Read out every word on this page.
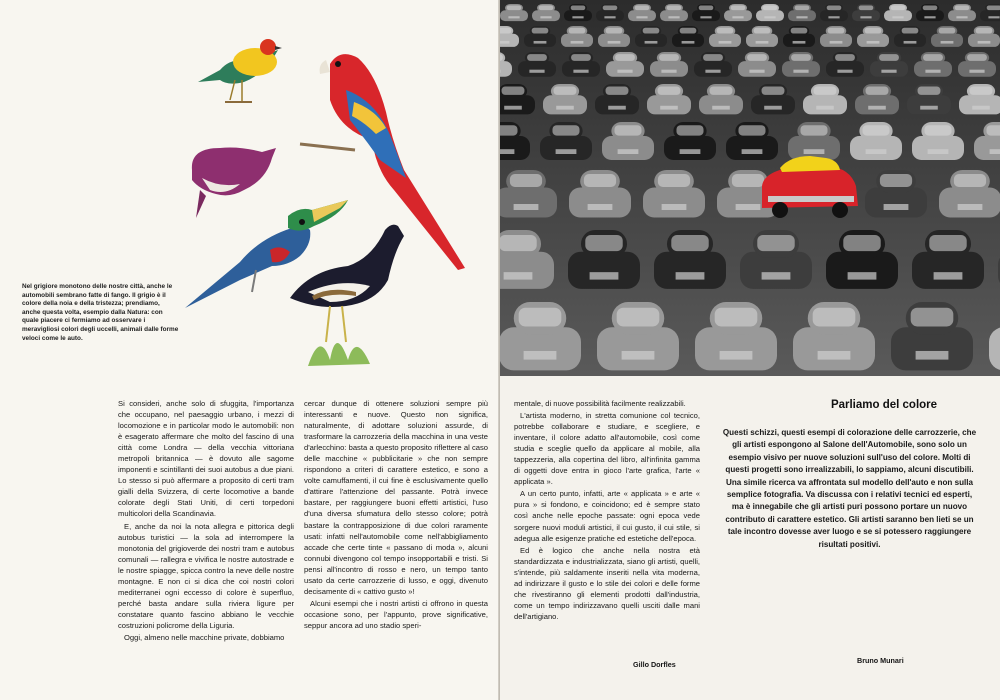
Nel grigiore monotono delle nostre città, anche le automobili sembrano fatte di fango. Il grigio è il colore della noia e della tristezza; prendiamo, anche questa volta, esempio dalla Natura: con quale piacere ci fermiamo ad osservare i meravigliosi colori degli uccelli, animali dalle forme veloci come le auto.

Si consideri, anche solo di sfuggita, l'importanza che occupano, nel paesaggio urbano, i mezzi di locomozione e in particolar modo le automobili: non è esagerato affermare che molto del fascino di una città come Londra — della vecchia vittoriana metropoli britannica — è dovuto alle sagome imponenti e scintillanti dei suoi autobus a due piani. Lo stesso si può affermare a proposito di certi tram gialli della Svizzera, di certe locomotive a bande colorate degli Stati Uniti, di certi torpedoni multicolori della Scandinavia.

E, anche da noi la nota allegra e pittorica degli autobus turistici — la sola ad interrompere la monotonia del grigioverde dei nostri tram e autobus comunali — rallegra e vivifica le nostre autostrade e le nostre spiagge, spicca contro la neve delle nostre montagne. E non ci si dica che coi nostri colori mediterranei ogni eccesso di colore è superfluo, perché basta andare sulla riviera ligure per constatare quanto fascino abbiano le vecchie costruzioni policrome della Liguria.

Oggi, almeno nelle macchine private, dobbiamo

cercar dunque di ottenere soluzioni sempre più interessanti e nuove. Questo non significa, naturalmente, di adottare soluzioni assurde, di trasformare la carrozzeria della macchina in una veste d'arlecchino: basta a questo proposito riflettere al caso delle macchine « pubblicitarie » che non sempre rispondono a criteri di carattere estetico, e sono a volte camuffamenti, il cui fine è esclusivamente quello d'attirare l'attenzione del passante. Potrà invece bastare, per raggiungere buoni effetti artistici, l'uso d'una diversa sfumatura dello stesso colore; potrà bastare la contrapposizione di due colori raramente usati: infatti nell'automobile come nell'abbigliamento accade che certe tinte « passano di moda », alcuni connubi divengono col tempo insopportabili e tristi. Si pensi all'incontro di rosso e nero, un tempo tanto usato da certe carrozzerie di lusso, e oggi, divenuto decisamente di « cattivo gusto »!

Alcuni esempi che i nostri artisti ci offrono in questa occasione sono, per l'appunto, prove significative, seppur ancora ad uno stadio speri-

mentale, di nuove possibilità facilmente realizzabili.

L'artista moderno, in stretta comunione col tecnico, potrebbe collaborare e studiare, e scegliere, e inventare, il colore adatto all'automobile, così come studia e sceglie quello da applicare al mobile, alla tappezzeria, alla copertina del libro, all'infinita gamma di oggetti dove entra in gioco l'arte grafica, l'arte « applicata ».

A un certo punto, infatti, arte « applicata » e arte « pura » si fondono, e coincidono; ed è sempre stato così anche nelle epoche passate: ogni epoca vede sorgere nuovi moduli artistici, il cui gusto, il cui stile, si adegua alle esigenze pratiche ed estetiche dell'epoca.

Ed è logico che anche nella nostra età standardizzata e industrializzata, siano gli artisti, quelli, s'intende, più saldamente inseriti nella vita moderna, ad indirizzare il gusto e lo stile dei colori e delle forme che rivestiranno gli elementi prodotti dall'industria, come un tempo indirizzavano quelli usciti dalle mani dell'artigiano.

Gillo Dorfles
Parliamo del colore

Questi schizzi, questi esempi di colorazione delle carrozzerie, che gli artisti espongono al Salone dell'Automobile, sono solo un esempio visivo per nuove soluzioni sull'uso del colore. Molti di questi progetti sono irrealizzabili, lo sappiamo, alcuni discutibili. Una simile ricerca va affrontata sul modello dell'auto e non sulla semplice fotografia. Va discussa con i relativi tecnici ed esperti, ma è innegabile che gli artisti puri possono portare un nuovo contributo di carattere estetico. Gli artisti saranno ben lieti se un tale incontro dovesse aver luogo e se si potessero raggiungere risultati positivi.

Bruno Munari
